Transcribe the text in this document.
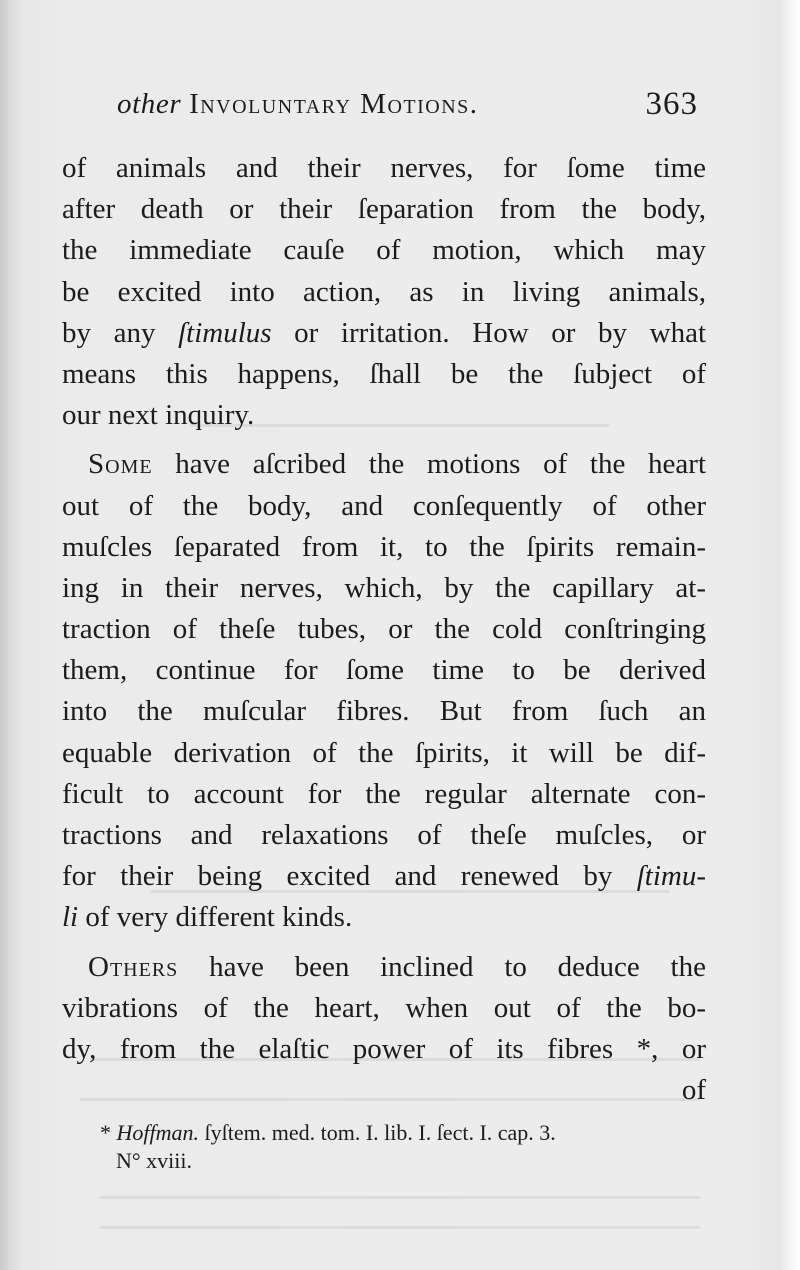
other Involuntary Motions.	363
of animals and their nerves, for ſome time
after death or their ſeparation from the body,
the immediate cauſe of motion, which may
be excited into action, as in living animals,
by any ſtimulus or irritation. How or by what
means this happens, ſhall be the ſubject of
our next inquiry.
Some have aſcribed the motions of the heart
out of the body, and conſequently of other
muſcles ſeparated from it, to the ſpirits remain-
ing in their nerves, which, by the capillary at-
traction of theſe tubes, or the cold conſtringing
them, continue for ſome time to be derived
into the muſcular fibres. But from ſuch an
equable derivation of the ſpirits, it will be dif-
ficult to account for the regular alternate con-
tractions and relaxations of theſe muſcles, or
for their being excited and renewed by ſtimu-
li of very different kinds.
Others have been inclined to deduce the
vibrations of the heart, when out of the bo-
dy, from the elaſtic power of its fibres *, or
of
* Hoffman. ſyſtem. med. tom. I. lib. I. ſect. I. cap. 3.
N° xviii.
